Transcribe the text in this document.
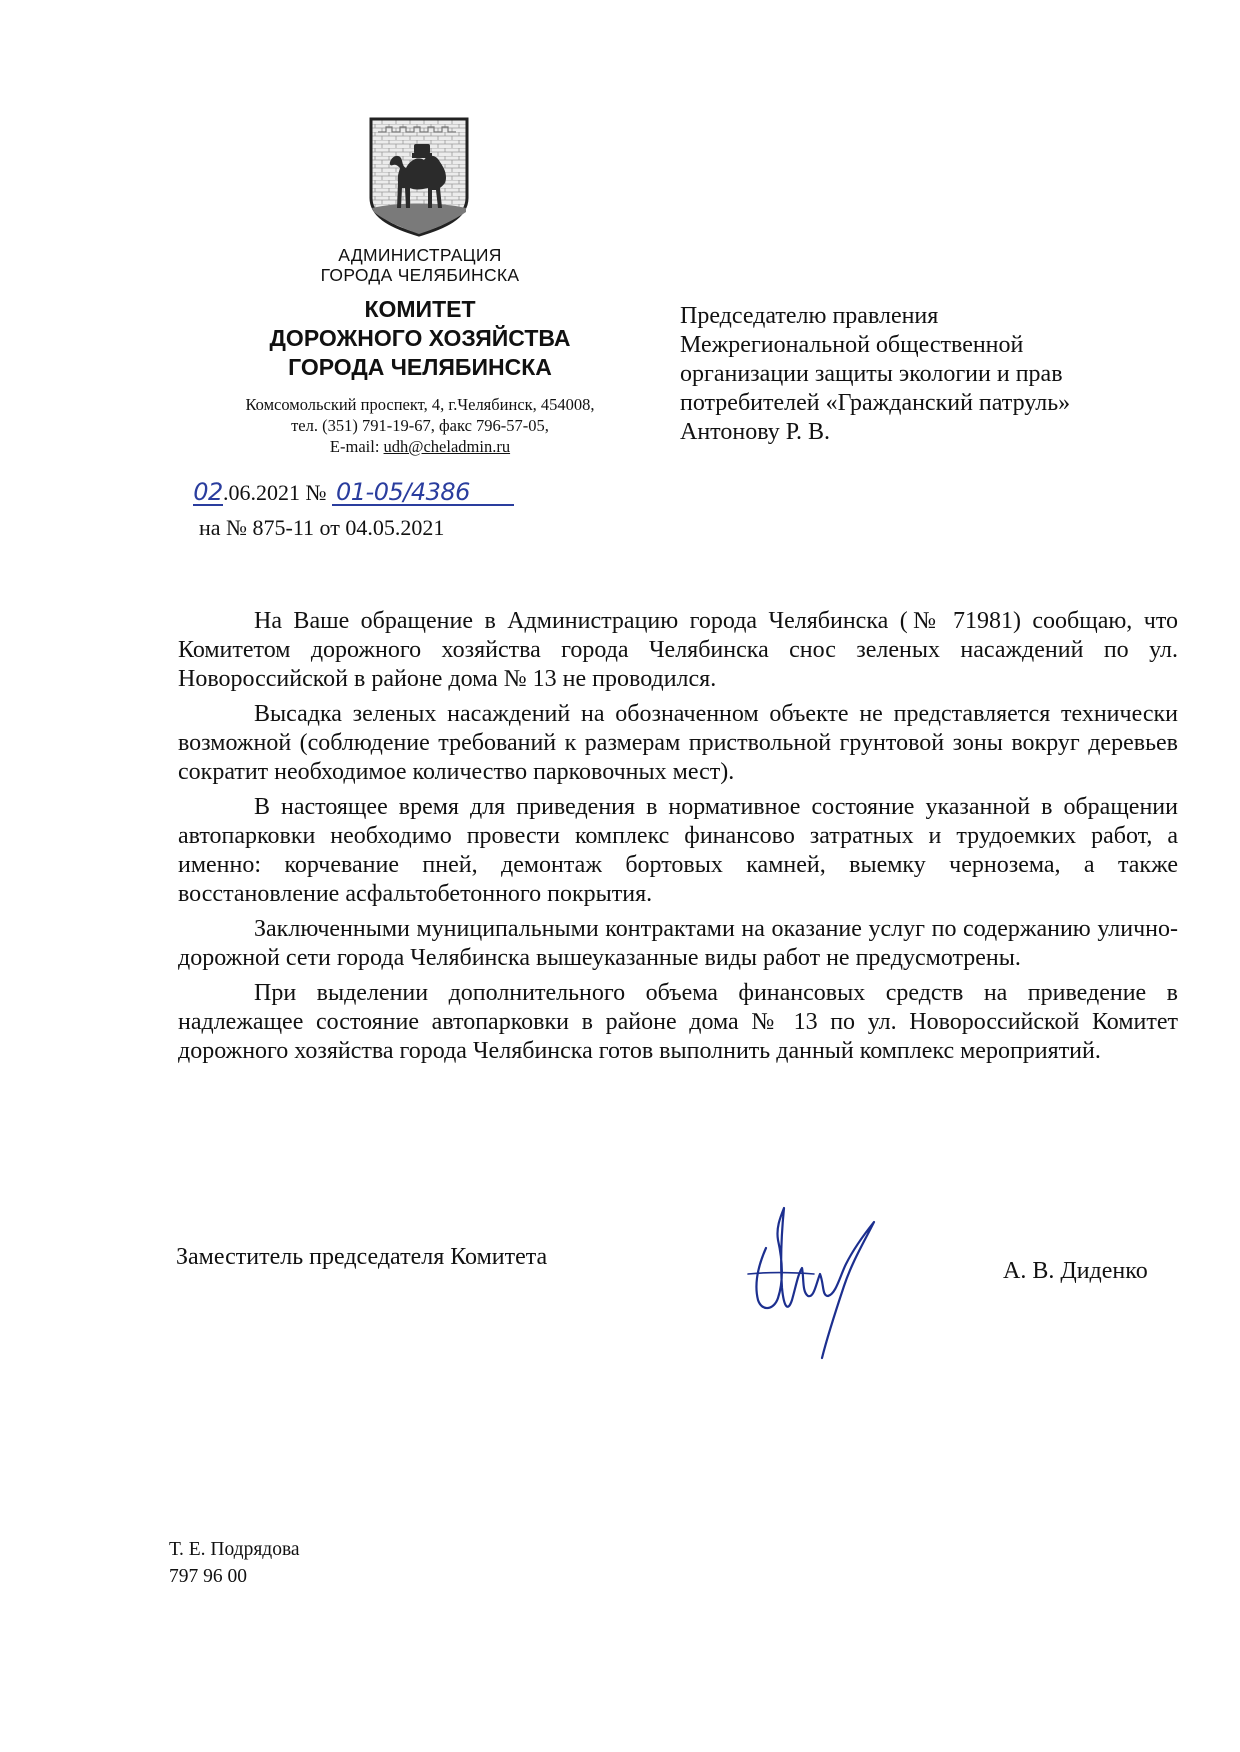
АДМИНИСТРАЦИЯ
ГОРОДА ЧЕЛЯБИНСКА
КОМИТЕТ
ДОРОЖНОГО ХОЗЯЙСТВА
ГОРОДА ЧЕЛЯБИНСКА
Комсомольский проспект, 4, г.Челябинск, 454008,
тел. (351) 791-19-67, факс 796-57-05,
E-mail: udh@cheladmin.ru
02.06.2021 № 01-05/4386
на № 875-11 от 04.05.2021
Председателю правления
Межрегиональной общественной
организации защиты экологии и прав
потребителей «Гражданский патруль»
Антонову Р. В.

На Ваше обращение в Администрацию города Челябинска (№ 71981) сообщаю, что Комитетом дорожного хозяйства города Челябинска снос зеленых насаждений по ул. Новороссийской в районе дома № 13 не проводился.

Высадка зеленых насаждений на обозначенном объекте не представляется технически возможной (соблюдение требований к размерам приствольной грунтовой зоны вокруг деревьев сократит необходимое количество парковочных мест).

В настоящее время для приведения в нормативное состояние указанной в обращении автопарковки необходимо провести комплекс финансово затратных и трудоемких работ, а именно: корчевание пней, демонтаж бортовых камней, выемку чернозема, а также восстановление асфальтобетонного покрытия.

Заключенными муниципальными контрактами на оказание услуг по содержанию улично-дорожной сети города Челябинска вышеуказанные виды работ не предусмотрены.

При выделении дополнительного объема финансовых средств на приведение в надлежащее состояние автопарковки в районе дома № 13 по ул. Новороссийской Комитет дорожного хозяйства города Челябинска готов выполнить данный комплекс мероприятий.

Заместитель председателя Комитета
А. В. Диденко
Т. Е. Подрядова
797 96 00
